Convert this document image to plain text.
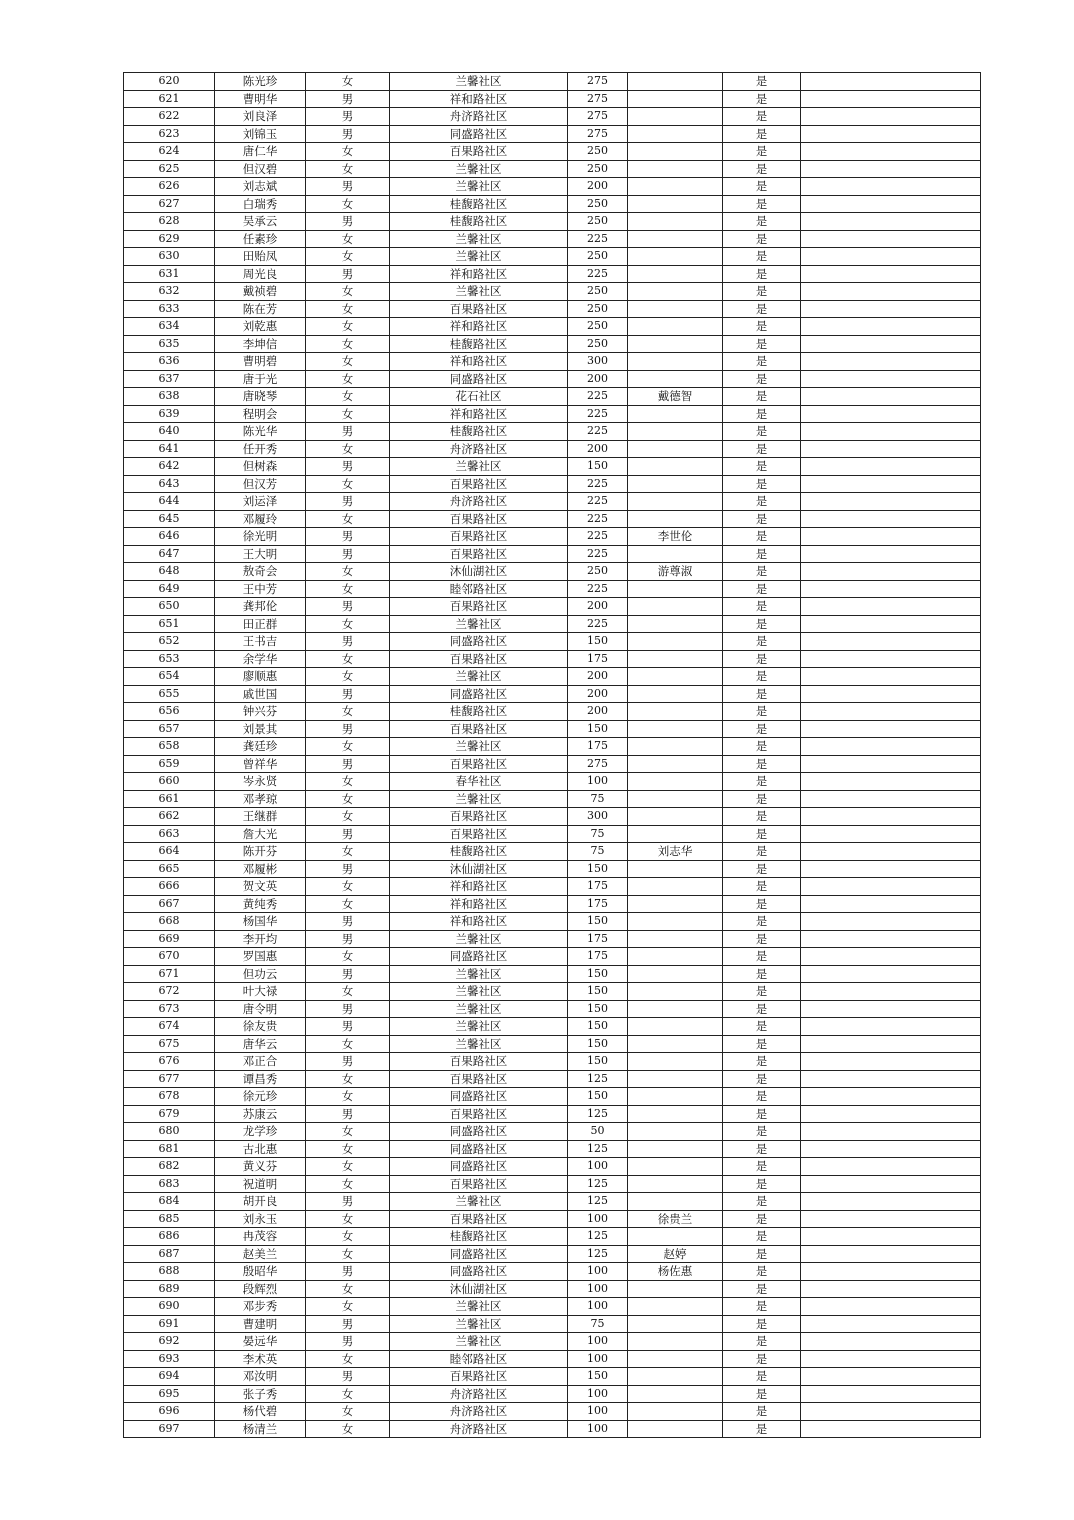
620	陈光珍	女	兰馨社区	275		是	
621	曹明华	男	祥和路社区	275		是	
622	刘良泽	男	舟济路社区	275		是	
623	刘锦玉	男	同盛路社区	275		是	
624	唐仁华	女	百果路社区	250		是	
625	但汉碧	女	兰馨社区	250		是	
626	刘志斌	男	兰馨社区	200		是	
627	白瑞秀	女	桂馥路社区	250		是	
628	吴承云	男	桂馥路社区	250		是	
629	任素珍	女	兰馨社区	225		是	
630	田贻凤	女	兰馨社区	250		是	
631	周光良	男	祥和路社区	225		是	
632	戴祯碧	女	兰馨社区	250		是	
633	陈在芳	女	百果路社区	250		是	
634	刘乾惠	女	祥和路社区	250		是	
635	李坤信	女	桂馥路社区	250		是	
636	曹明碧	女	祥和路社区	300		是	
637	唐于光	女	同盛路社区	200		是	
638	唐晓琴	女	花石社区	225	戴德智	是	
639	程明会	女	祥和路社区	225		是	
640	陈光华	男	桂馥路社区	225		是	
641	任开秀	女	舟济路社区	200		是	
642	但树森	男	兰馨社区	150		是	
643	但汉芳	女	百果路社区	225		是	
644	刘运泽	男	舟济路社区	225		是	
645	邓履玲	女	百果路社区	225		是	
646	徐光明	男	百果路社区	225	李世伦	是	
647	王大明	男	百果路社区	225		是	
648	敖奇会	女	沐仙湖社区	250	游尊淑	是	
649	王中芳	女	睦邻路社区	225		是	
650	龚邦伦	男	百果路社区	200		是	
651	田正群	女	兰馨社区	225		是	
652	王书吉	男	同盛路社区	150		是	
653	余学华	女	百果路社区	175		是	
654	廖顺惠	女	兰馨社区	200		是	
655	戚世国	男	同盛路社区	200		是	
656	钟兴芬	女	桂馥路社区	200		是	
657	刘景其	男	百果路社区	150		是	
658	龚廷珍	女	兰馨社区	175		是	
659	曾祥华	男	百果路社区	275		是	
660	岑永贤	女	春华社区	100		是	
661	邓孝琼	女	兰馨社区	75		是	
662	王继群	女	百果路社区	300		是	
663	詹大光	男	百果路社区	75		是	
664	陈开芬	女	桂馥路社区	75	刘志华	是	
665	邓履彬	男	沐仙湖社区	150		是	
666	贺文英	女	祥和路社区	175		是	
667	黄纯秀	女	祥和路社区	175		是	
668	杨国华	男	祥和路社区	150		是	
669	李开均	男	兰馨社区	175		是	
670	罗国惠	女	同盛路社区	175		是	
671	但功云	男	兰馨社区	150		是	
672	叶大禄	女	兰馨社区	150		是	
673	唐令明	男	兰馨社区	150		是	
674	徐友贵	男	兰馨社区	150		是	
675	唐华云	女	兰馨社区	150		是	
676	邓正合	男	百果路社区	150		是	
677	谭昌秀	女	百果路社区	125		是	
678	徐元珍	女	同盛路社区	150		是	
679	苏康云	男	百果路社区	125		是	
680	龙学珍	女	同盛路社区	50		是	
681	古北惠	女	同盛路社区	125		是	
682	黄义芬	女	同盛路社区	100		是	
683	祝道明	女	百果路社区	125		是	
684	胡开良	男	兰馨社区	125		是	
685	刘永玉	女	百果路社区	100	徐贵兰	是	
686	冉茂容	女	桂馥路社区	125		是	
687	赵美兰	女	同盛路社区	125	赵婷	是	
688	殷昭华	男	同盛路社区	100	杨佐惠	是	
689	段辉烈	女	沐仙湖社区	100		是	
690	邓步秀	女	兰馨社区	100		是	
691	曹建明	男	兰馨社区	75		是	
692	晏远华	男	兰馨社区	100		是	
693	李术英	女	睦邻路社区	100		是	
694	邓汝明	男	百果路社区	150		是	
695	张子秀	女	舟济路社区	100		是	
696	杨代碧	女	舟济路社区	100		是	
697	杨清兰	女	舟济路社区	100		是	
